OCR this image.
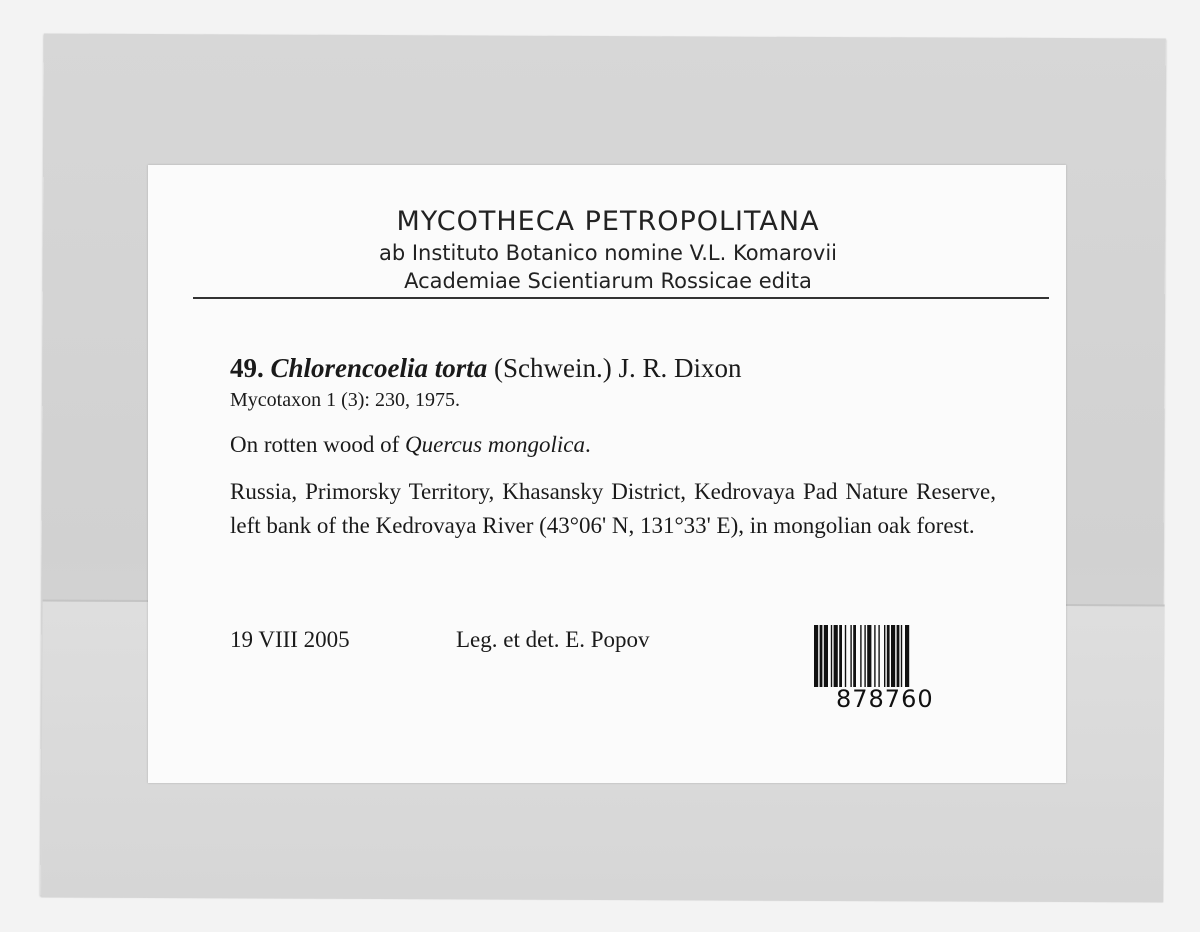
MYCOTHECA PETROPOLITANA
ab Instituto Botanico nomine V.L. Komarovii
Academiae Scientiarum Rossicae edita
49. Chlorencoelia torta (Schwein.) J. R. Dixon
Mycotaxon 1 (3): 230, 1975.
On rotten wood of Quercus mongolica.
Russia, Primorsky Territory, Khasansky District, Kedrovaya Pad Nature Reserve, left bank of the Kedrovaya River (43°06' N, 131°33' E), in mongolian oak forest.
19 VIII 2005	Leg. et det. E. Popov
878760
